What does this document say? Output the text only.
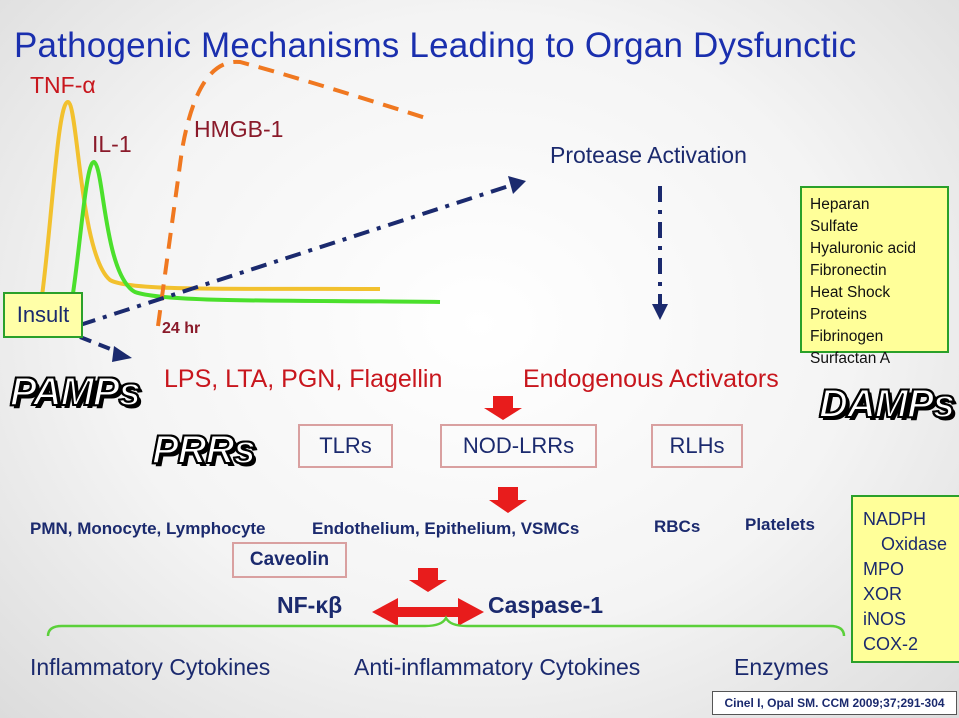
Pathogenic Mechanisms Leading to Organ Dysfunctic
TNF-α
IL-1
HMGB-1
24 hr
Protease Activation
Insult
PAMPs LPS, LTA, PGN, Flagellin	Endogenous Activators
DAMPs
Heparan
Sulfate
Hyaluronic acid
Fibronectin
Heat Shock
Proteins
Fibrinogen
Surfactan A
PRRs	TLRs	NOD-LRRs	RLHs
PMN, Monocyte, Lymphocyte	Endothelium, Epithelium, VSMCs	RBCs	Platelets
Caveolin
NF-κβ	Caspase-1
Inflammatory Cytokines	Anti-inflammatory Cytokines	Enzymes
NADPH
Oxidase
MPO
XOR
iNOS
COX-2
Cinel I, Opal SM. CCM 2009;37;291-304
